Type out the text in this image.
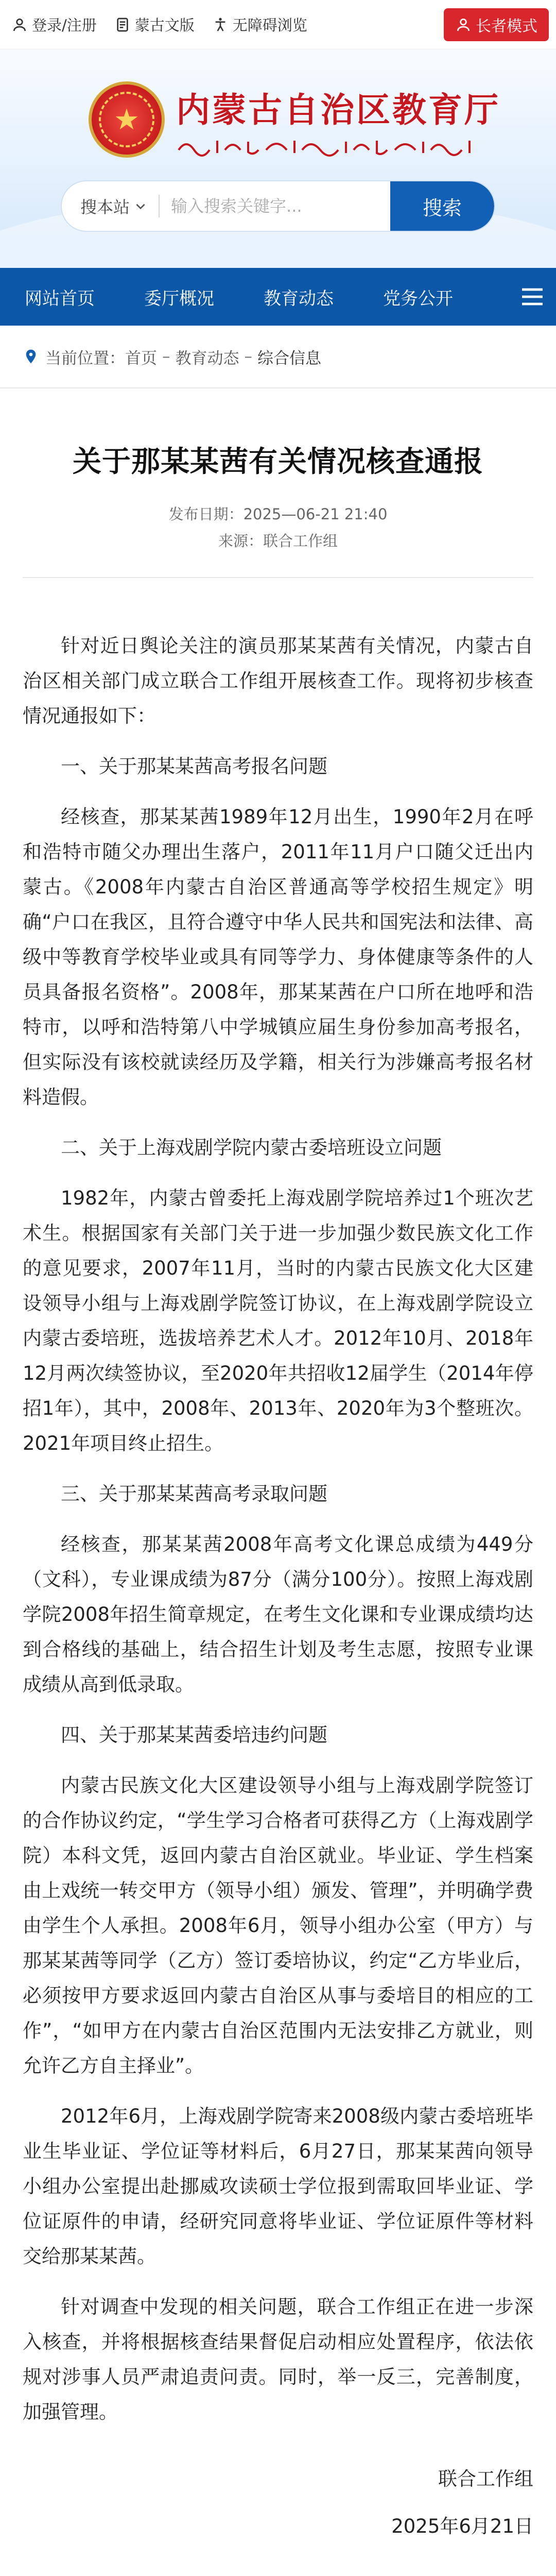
登录/注册	蒙古文版	无障碍浏览	长者模式
★ 内蒙古自治区教育厅
搜本站
输入搜索关键字...	搜索
网站首页	委厅概况	教育动态	党务公开
当前位置： 首页 – 教育动态 – 综合信息
关于那某某茜有关情况核查通报
发布日期：2025—06-21 21:40
来源：联合工作组

针对近日舆论关注的演员那某某茜有关情况，内蒙古自治区相关部门成立联合工作组开展核查工作。现将初步核查情况通报如下：

一、关于那某某茜高考报名问题

经核查，那某某茜1989年12月出生，1990年2月在呼和浩特市随父办理出生落户，2011年11月户口随父迁出内蒙古。《2008年内蒙古自治区普通高等学校招生规定》明确“户口在我区，且符合遵守中华人民共和国宪法和法律、高级中等教育学校毕业或具有同等学力、身体健康等条件的人员具备报名资格”。2008年，那某某茜在户口所在地呼和浩特市，以呼和浩特第八中学城镇应届生身份参加高考报名，但实际没有该校就读经历及学籍，相关行为涉嫌高考报名材料造假。

二、关于上海戏剧学院内蒙古委培班设立问题

1982年，内蒙古曾委托上海戏剧学院培养过1个班次艺术生。根据国家有关部门关于进一步加强少数民族文化工作的意见要求，2007年11月，当时的内蒙古民族文化大区建设领导小组与上海戏剧学院签订协议，在上海戏剧学院设立内蒙古委培班，选拔培养艺术人才。2012年10月、2018年12月两次续签协议，至2020年共招收12届学生（2014年停招1年），其中，2008年、2013年、2020年为3个整班次。2021年项目终止招生。

三、关于那某某茜高考录取问题

经核查，那某某茜2008年高考文化课总成绩为449分（文科），专业课成绩为87分（满分100分）。按照上海戏剧学院2008年招生简章规定，在考生文化课和专业课成绩均达到合格线的基础上，结合招生计划及考生志愿，按照专业课成绩从高到低录取。

四、关于那某某茜委培违约问题

内蒙古民族文化大区建设领导小组与上海戏剧学院签订的合作协议约定，“学生学习合格者可获得乙方（上海戏剧学院）本科文凭，返回内蒙古自治区就业。毕业证、学生档案由上戏统一转交甲方（领导小组）颁发、管理”，并明确学费由学生个人承担。2008年6月，领导小组办公室（甲方）与那某某茜等同学（乙方）签订委培协议，约定“乙方毕业后，必须按甲方要求返回内蒙古自治区从事与委培目的相应的工作”，“如甲方在内蒙古自治区范围内无法安排乙方就业，则允许乙方自主择业”。

2012年6月，上海戏剧学院寄来2008级内蒙古委培班毕业生毕业证、学位证等材料后，6月27日，那某某茜向领导小组办公室提出赴挪威攻读硕士学位报到需取回毕业证、学位证原件的申请，经研究同意将毕业证、学位证原件等材料交给那某某茜。

针对调查中发现的相关问题，联合工作组正在进一步深入核查，并将根据核查结果督促启动相应处置程序，依法依规对涉事人员严肃追责问责。同时，举一反三，完善制度，加强管理。

联合工作组
2025年6月21日
